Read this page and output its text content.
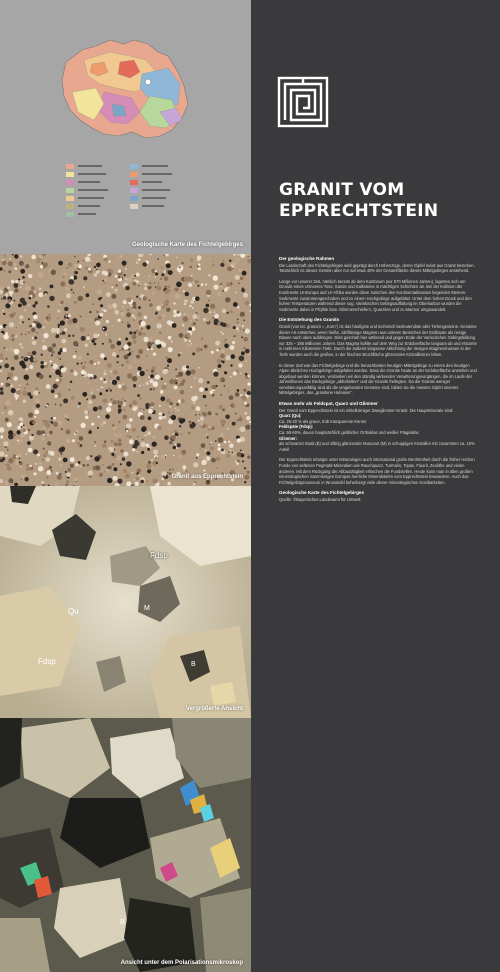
Geologische Karte des Fichtelgebirges
Granit aus Epprechtstein
Fdsp
Qu
Fdsp
M
B
Vergrößerte Ansicht
B
Ansicht unter dem Polarisationsmikroskop
GRANIT VOM
EPPRECHTSTEIN
Der geologische Rahmen

Die Landschaft des Fichtelgebirges wird geprägt durch Höhenzüge, deren Gipfel meist aus Granit bestehen. Tatsächlich ist dieses Gestein aber nur auf etwa 40% der Gesamtfläche dieses Mittelgebirges anstehend.

Lange vor unserer Zeit, nämlich bereits ab dem Kambrium (vor 570 Millionen Jahren), lagerten sich am Grunde eines Urmeeres Tone, Sande und Kalksteine in mächtigen Schichten ab. Bei der Kollision der Kontinente Ur-Europa und Ur-Afrika wurden diese zwischen den Kontinentalmassen liegenden Meeres-Sedimente zusammengeschoben und zu einem Hochgebirge aufgefaltet. Unter dem hohen Druck und den hohen Temperaturen während dieser sog. Variskischen Gebirgsauffaltung im Oberkarbon wurden die Sedimente dabei in Phyllite bzw. Glimmerschiefern, Quarziten und zu Marmor umgewandelt.

Die Entstehung des Granits

Granit (von lat. granum = „Korn“) ist das häufigste und technisch bedeutendste aller Tiefengesteine. Gesteine dieser Art entstehen, wenn heiße, zähflüssige Magmen aus unteren Bereichen der Erdkruste als riesige Blasen nach oben aufdringen. Dies geschah hier während und gegen Ende der Variscischen Gebirgsbildung vor 325 – 285 Millionen Jahren. Das Magma kühlte auf dem Weg zur Erdoberfläche langsam ab und erstarrte in mehreren Kilometern Tiefe. Durch die äußerst langsame Abkühlung der riesigen Magmenmassen in der Tiefe wurden auch die großen, in der frischen Bruchfläche glitzernden Kristallkörner leben.

In dieser Zeit war das Fichtelgebirge und die benachbarten heutigen Mittelgebirge zu einem den heutigen Alpen ähnlichen Hochgebirge aufgefaltet worden. Dass die Granite heute an der Erdoberfläche anstehen und abgebaut werden können, verdanken wir den ständig wirkenden Verwitterungsvorgängen, die im Laufe der Jahrmillionen das Deckgebirge „abhobelten“ und die Granite freilegten. Da die Granite weniger verwitterungsanfällig sind als die umgebenden Gesteine sind, bilden sie die meisten Gipfel unseres Mittelgebirges, das „granitene Hufeisen“.

Etwas mehr als Feldspat, Quarz und Glimmer

Der Granit vom Epprechtstein ist ein mittelkörniger Zweiglimmer-Granit. Die Hauptminerale sind:

Quarz (Qu):
Ca. 25-30 % als graue, trüb transparente Körner
Feldspäte (Fdsp):
Ca. 50-60%, davon hauptsächlich gelblicher Orthoklas und weißer Plagioklas
Glimmer:

als schwarzer Biotit (B) und silbrig glänzender Muscovit (M) in schuppigen Kristallen mit zusammen ca. 10% Anteil

Der Epprechtstein erlangte unter Mineralogen auch international große Berühmtheit durch die früher reichen Funde von seltenen Pegmatit-Mineralien wie Rauchquarz, Turmalin, Topas, Fluorit, Zeolithe und vielen anderen. Mit dem Rückgang der Abbautätigkeit erlöschen die Fundstellen. Heute kann man in allen großen mineralogischen Sammlungen Europas herrliche Mineralstufen vom Epprechtstein bewundern. Auch das Fichtelgebirgsmuseum in Wunsiedel beherbergt viele dieser mineralogischen Kostbarkeiten.

Geologische Karte des Fichtelgebirges
Quelle: ©Bayerisches Landesamt für Umwelt
